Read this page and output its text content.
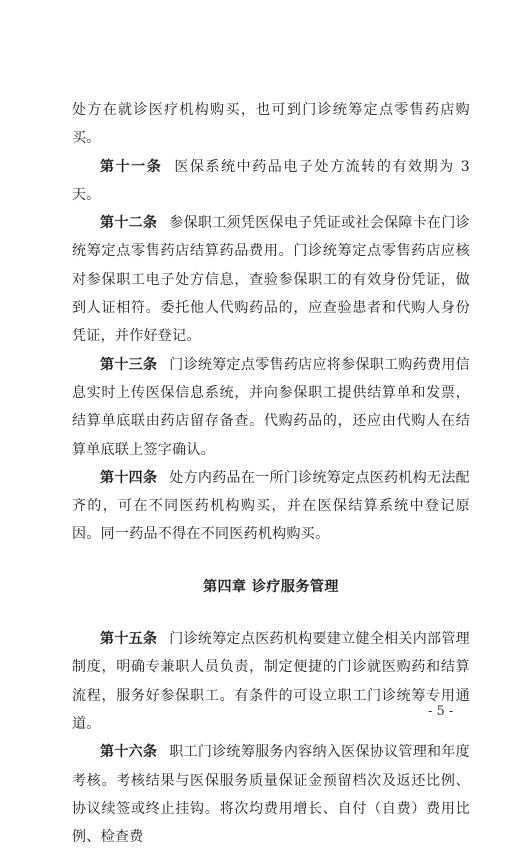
处方在就诊医疗机构购买，也可到门诊统筹定点零售药店购买。

第十一条 医保系统中药品电子处方流转的有效期为 3 天。

第十二条 参保职工须凭医保电子凭证或社会保障卡在门诊统筹定点零售药店结算药品费用。门诊统筹定点零售药店应核对参保职工电子处方信息，查验参保职工的有效身份凭证，做到人证相符。委托他人代购药品的，应查验患者和代购人身份凭证，并作好登记。

第十三条 门诊统筹定点零售药店应将参保职工购药费用信息实时上传医保信息系统，并向参保职工提供结算单和发票，结算单底联由药店留存备查。代购药品的，还应由代购人在结算单底联上签字确认。

第十四条 处方内药品在一所门诊统筹定点医药机构无法配齐的，可在不同医药机构购买，并在医保结算系统中登记原因。同一药品不得在不同医药机构购买。

第四章 诊疗服务管理

第十五条 门诊统筹定点医药机构要建立健全相关内部管理制度，明确专兼职人员负责，制定便捷的门诊就医购药和结算流程，服务好参保职工。有条件的可设立职工门诊统筹专用通道。

第十六条 职工门诊统筹服务内容纳入医保协议管理和年度考核。考核结果与医保服务质量保证金预留档次及返还比例、协议续签或终止挂钩。将次均费用增长、自付（自费）费用比例、检查费

- 5 -
